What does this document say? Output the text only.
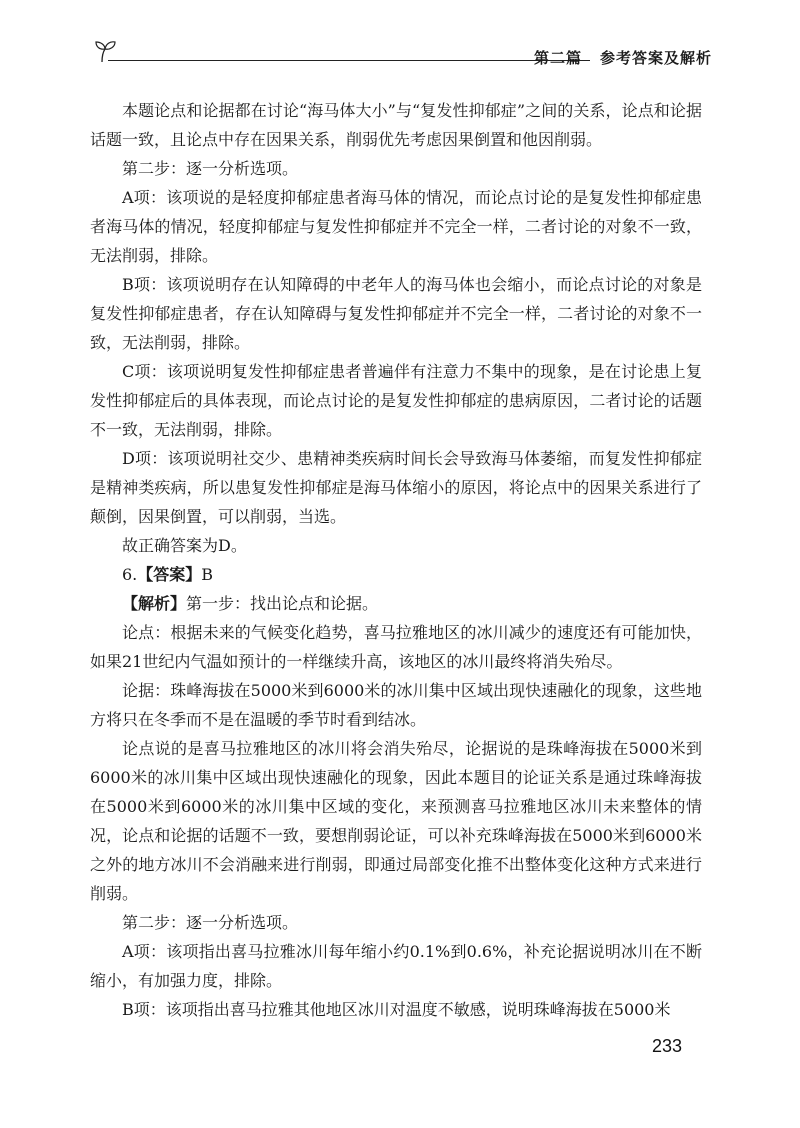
第二篇 参考答案及解析

本题论点和论据都在讨论“海马体大小”与“复发性抑郁症”之间的关系，论点和论据话题一致，且论点中存在因果关系，削弱优先考虑因果倒置和他因削弱。

第二步：逐一分析选项。

A项：该项说的是轻度抑郁症患者海马体的情况，而论点讨论的是复发性抑郁症患者海马体的情况，轻度抑郁症与复发性抑郁症并不完全一样，二者讨论的对象不一致，无法削弱，排除。

B项：该项说明存在认知障碍的中老年人的海马体也会缩小，而论点讨论的对象是复发性抑郁症患者，存在认知障碍与复发性抑郁症并不完全一样，二者讨论的对象不一致，无法削弱，排除。

C项：该项说明复发性抑郁症患者普遍伴有注意力不集中的现象，是在讨论患上复发性抑郁症后的具体表现，而论点讨论的是复发性抑郁症的患病原因，二者讨论的话题不一致，无法削弱，排除。

D项：该项说明社交少、患精神类疾病时间长会导致海马体萎缩，而复发性抑郁症是精神类疾病，所以患复发性抑郁症是海马体缩小的原因，将论点中的因果关系进行了颠倒，因果倒置，可以削弱，当选。

故正确答案为D。

6.【答案】B

【解析】第一步：找出论点和论据。

论点：根据未来的气候变化趋势，喜马拉雅地区的冰川减少的速度还有可能加快，如果21世纪内气温如预计的一样继续升高，该地区的冰川最终将消失殆尽。

论据：珠峰海拔在5000米到6000米的冰川集中区域出现快速融化的现象，这些地方将只在冬季而不是在温暖的季节时看到结冰。

论点说的是喜马拉雅地区的冰川将会消失殆尽，论据说的是珠峰海拔在5000米到6000米的冰川集中区域出现快速融化的现象，因此本题目的论证关系是通过珠峰海拔在5000米到6000米的冰川集中区域的变化，来预测喜马拉雅地区冰川未来整体的情况，论点和论据的话题不一致，要想削弱论证，可以补充珠峰海拔在5000米到6000米之外的地方冰川不会消融来进行削弱，即通过局部变化推不出整体变化这种方式来进行削弱。

第二步：逐一分析选项。

A项：该项指出喜马拉雅冰川每年缩小约0.1%到0.6%，补充论据说明冰川在不断缩小，有加强力度，排除。

B项：该项指出喜马拉雅其他地区冰川对温度不敏感，说明珠峰海拔在5000米

233
